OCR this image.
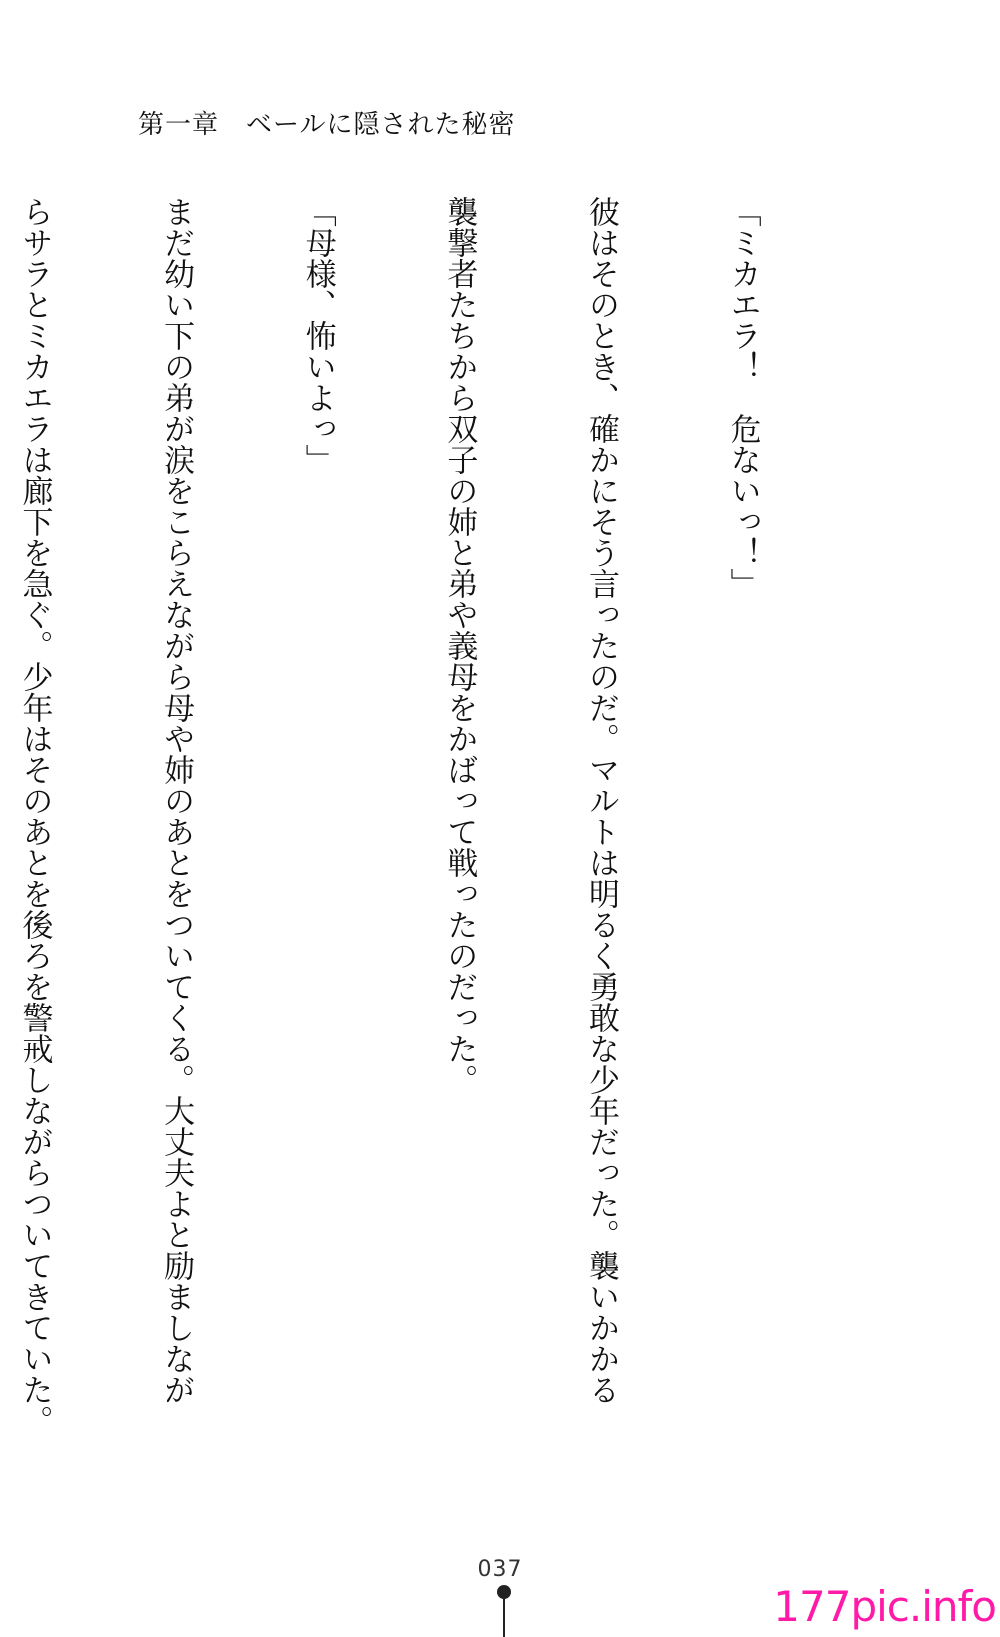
第一章　ベールに隠された秘密

「ミカエラ！　危ないっ！」

彼はそのとき、確かにそう言ったのだ。マルトは明るく勇敢な少年だった。襲いかかる

襲撃者たちから双子の姉と弟や義母をかばって戦ったのだった。

「母様、怖いよっ」

まだ幼い下の弟が涙をこらえながら母や姉のあとをついてくる。大丈夫よと励ましなが

らサラとミカエラは廊下を急ぐ。少年はそのあとを後ろを警戒しながらついてきていた。

037
177pic.info
